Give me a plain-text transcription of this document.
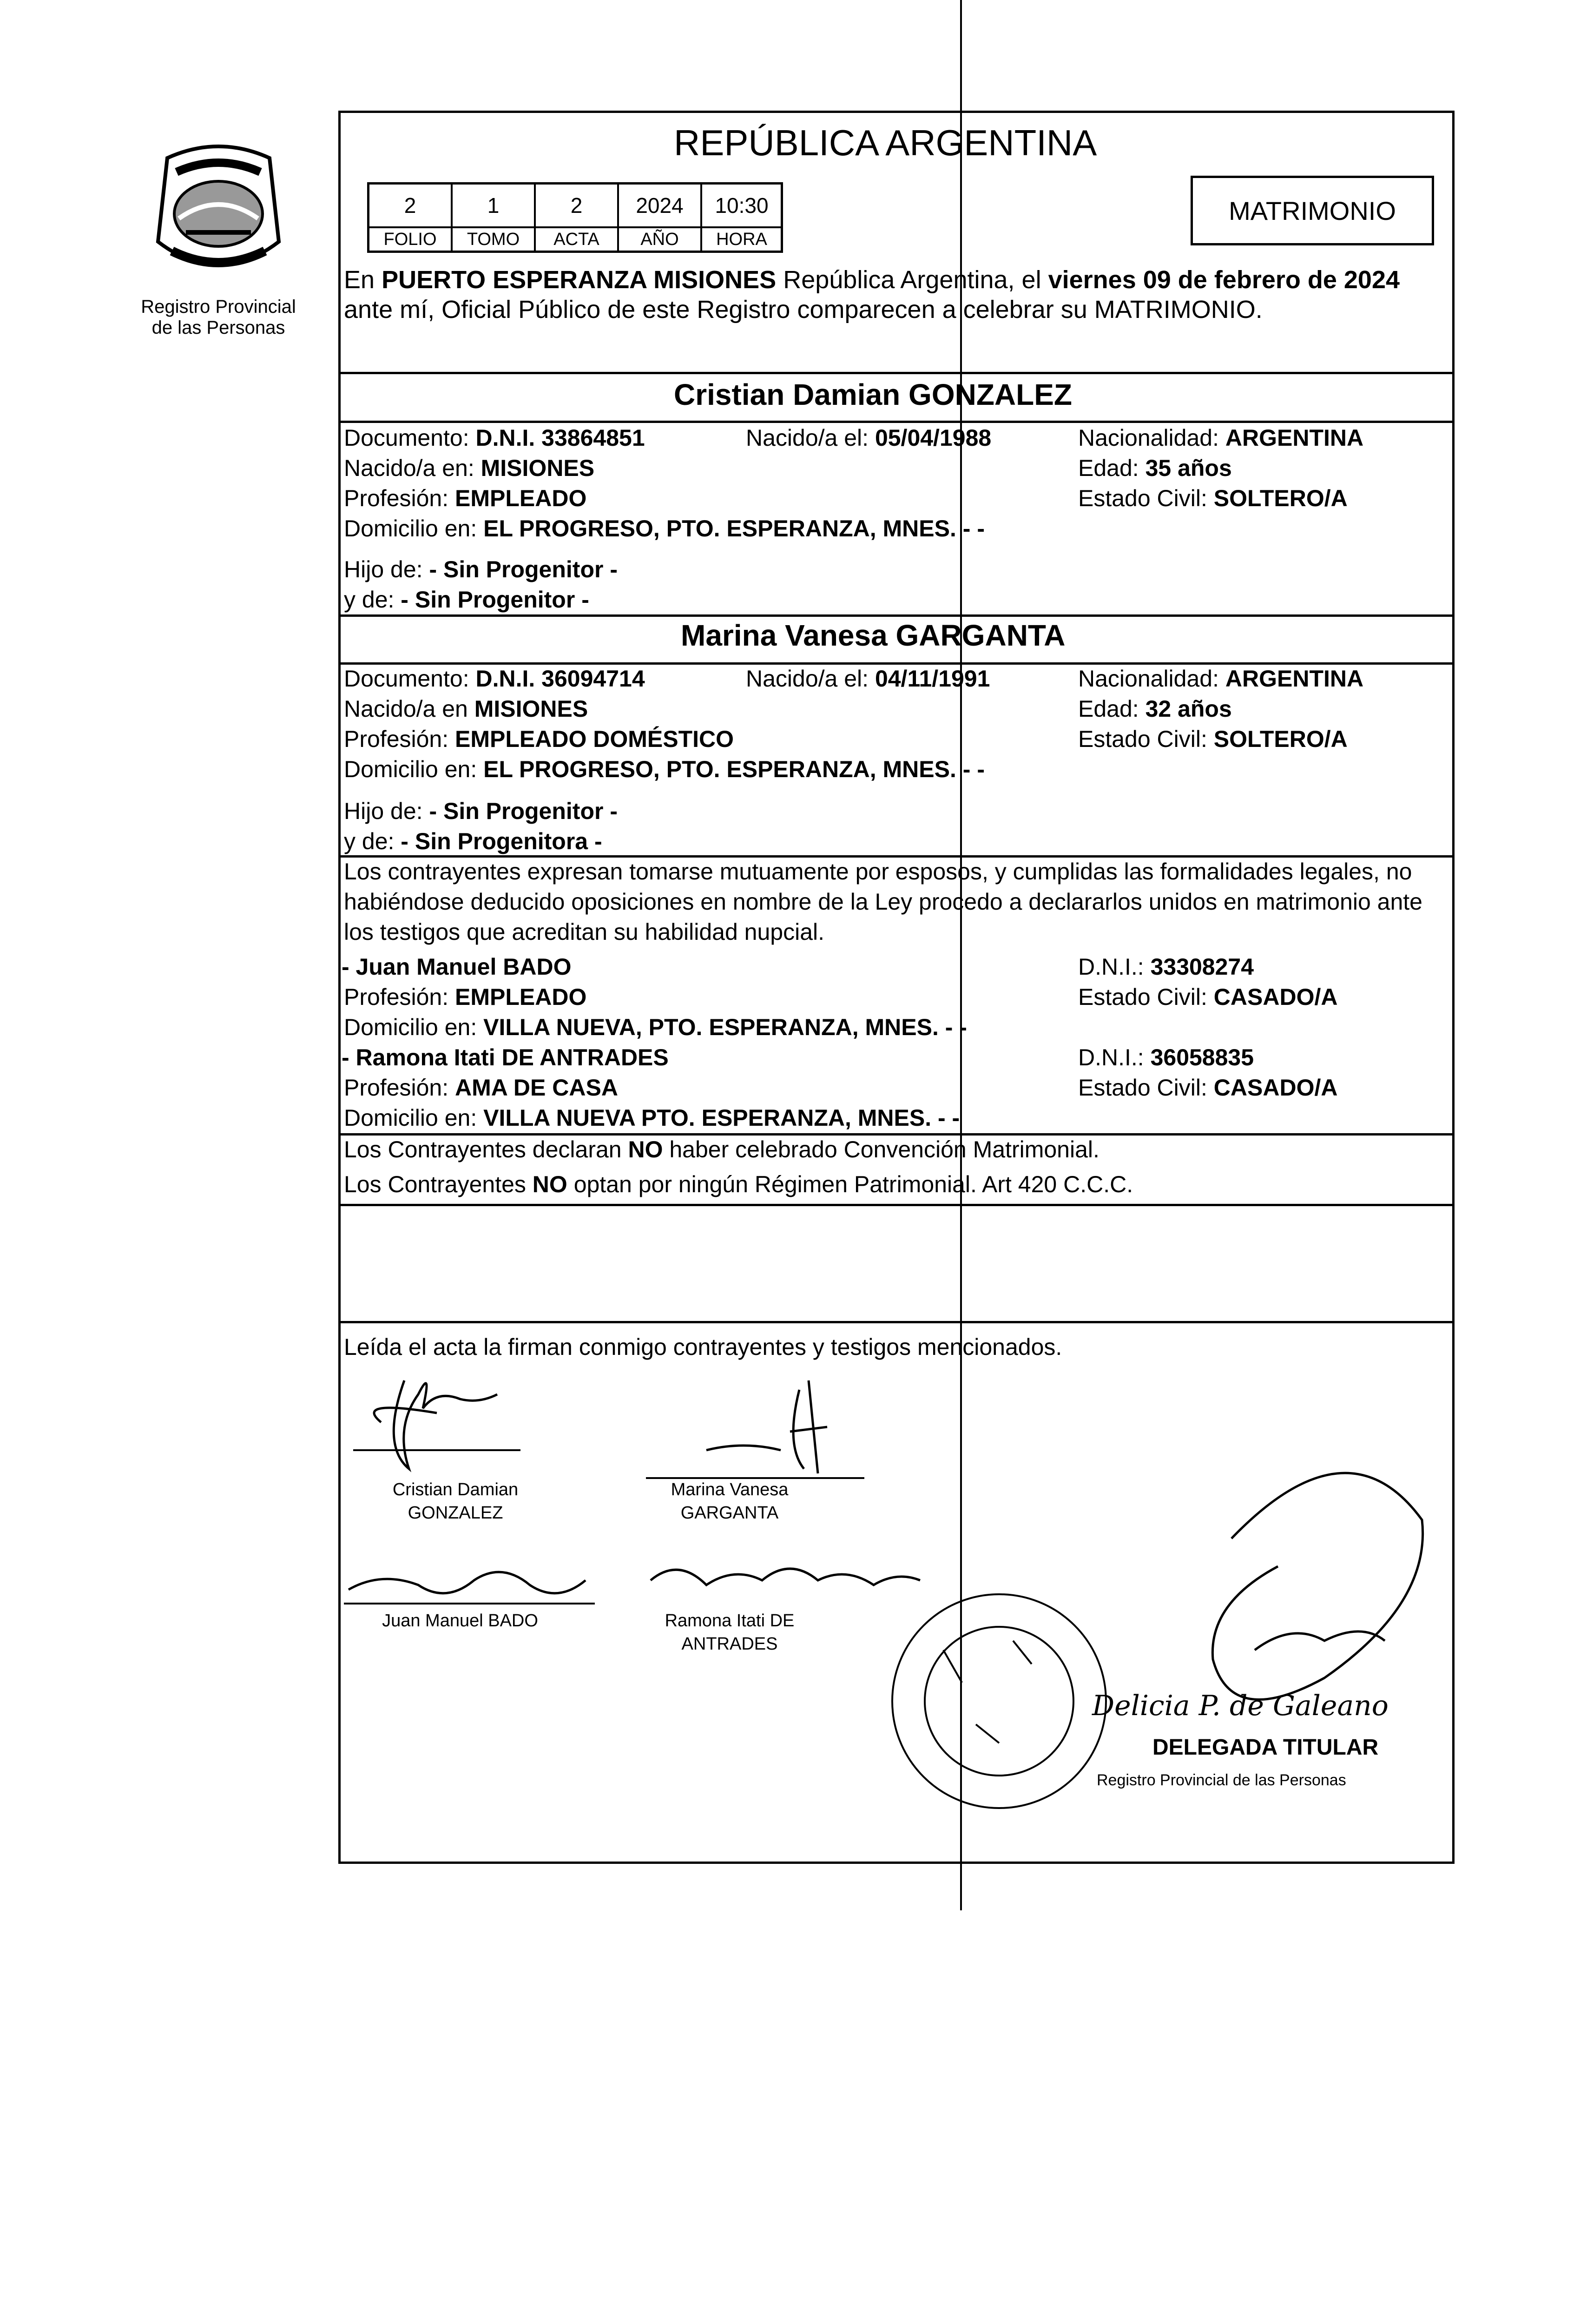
Registro Provincial
de las Personas
REPÚBLICA ARGENTINA
2	1	2	2024	10:30
FOLIO	TOMO	ACTA	AÑO	HORA
MATRIMONIO
En PUERTO ESPERANZA MISIONES República Argentina, el viernes 09 de febrero de 2024
ante mí, Oficial Público de este Registro comparecen a celebrar su MATRIMONIO.
Cristian Damian GONZALEZ
Documento: D.N.I. 33864851	Nacido/a el: 05/04/1988	Nacionalidad: ARGENTINA
Nacido/a en: MISIONES	Edad: 35 años
Profesión: EMPLEADO	Estado Civil: SOLTERO/A
Domicilio en: EL PROGRESO, PTO. ESPERANZA, MNES. - -
Hijo de: - Sin Progenitor -
y de: - Sin Progenitor -
Marina Vanesa GARGANTA
Documento: D.N.I. 36094714	Nacido/a el: 04/11/1991	Nacionalidad: ARGENTINA
Nacido/a en MISIONES	Edad: 32 años
Profesión: EMPLEADO DOMÉSTICO	Estado Civil: SOLTERO/A
Domicilio en: EL PROGRESO, PTO. ESPERANZA, MNES. - -
Hijo de: - Sin Progenitor -
y de: - Sin Progenitora -
Los contrayentes expresan tomarse mutuamente por esposos, y cumplidas las formalidades legales, no
habiéndose deducido oposiciones en nombre de la Ley procedo a declararlos unidos en matrimonio ante
los testigos que acreditan su habilidad nupcial.
- Juan Manuel BADO	D.N.I.: 33308274
Profesión: EMPLEADO	Estado Civil: CASADO/A
Domicilio en: VILLA NUEVA, PTO. ESPERANZA, MNES. - -
- Ramona Itati DE ANTRADES	D.N.I.: 36058835
Profesión: AMA DE CASA	Estado Civil: CASADO/A
Domicilio en: VILLA NUEVA PTO. ESPERANZA, MNES. - -
Los Contrayentes declaran NO haber celebrado Convención Matrimonial.
Los Contrayentes NO optan por ningún Régimen Patrimonial. Art 420 C.C.C.
Leída el acta la firman conmigo contrayentes y testigos mencionados.
Cristian Damian
GONZALEZ
Marina Vanesa
GARGANTA
Juan Manuel BADO	Ramona Itati DE
ANTRADES
Delicia P. de Galeano
DELEGADA TITULAR
Registro Provincial de las Personas
